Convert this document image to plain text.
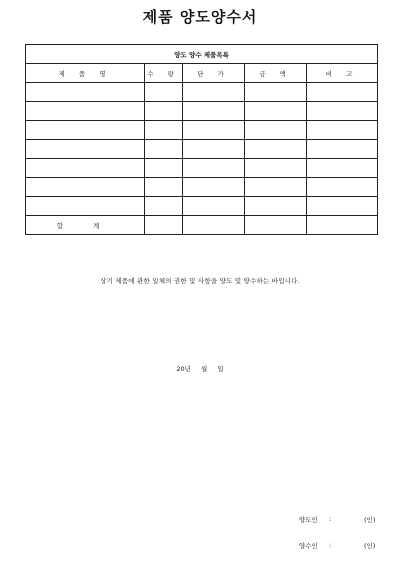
제품 양도양수서
양도 양수 제품목록				
제 품 명	수 량	단 가	금 액	비 고

합 계				
상기 제품에 관한 일체의 권한 및 사항을 양도 및 양수하는 바입니다.
20년 월 일
양도인 :	(인)
양수인 :	(인)
